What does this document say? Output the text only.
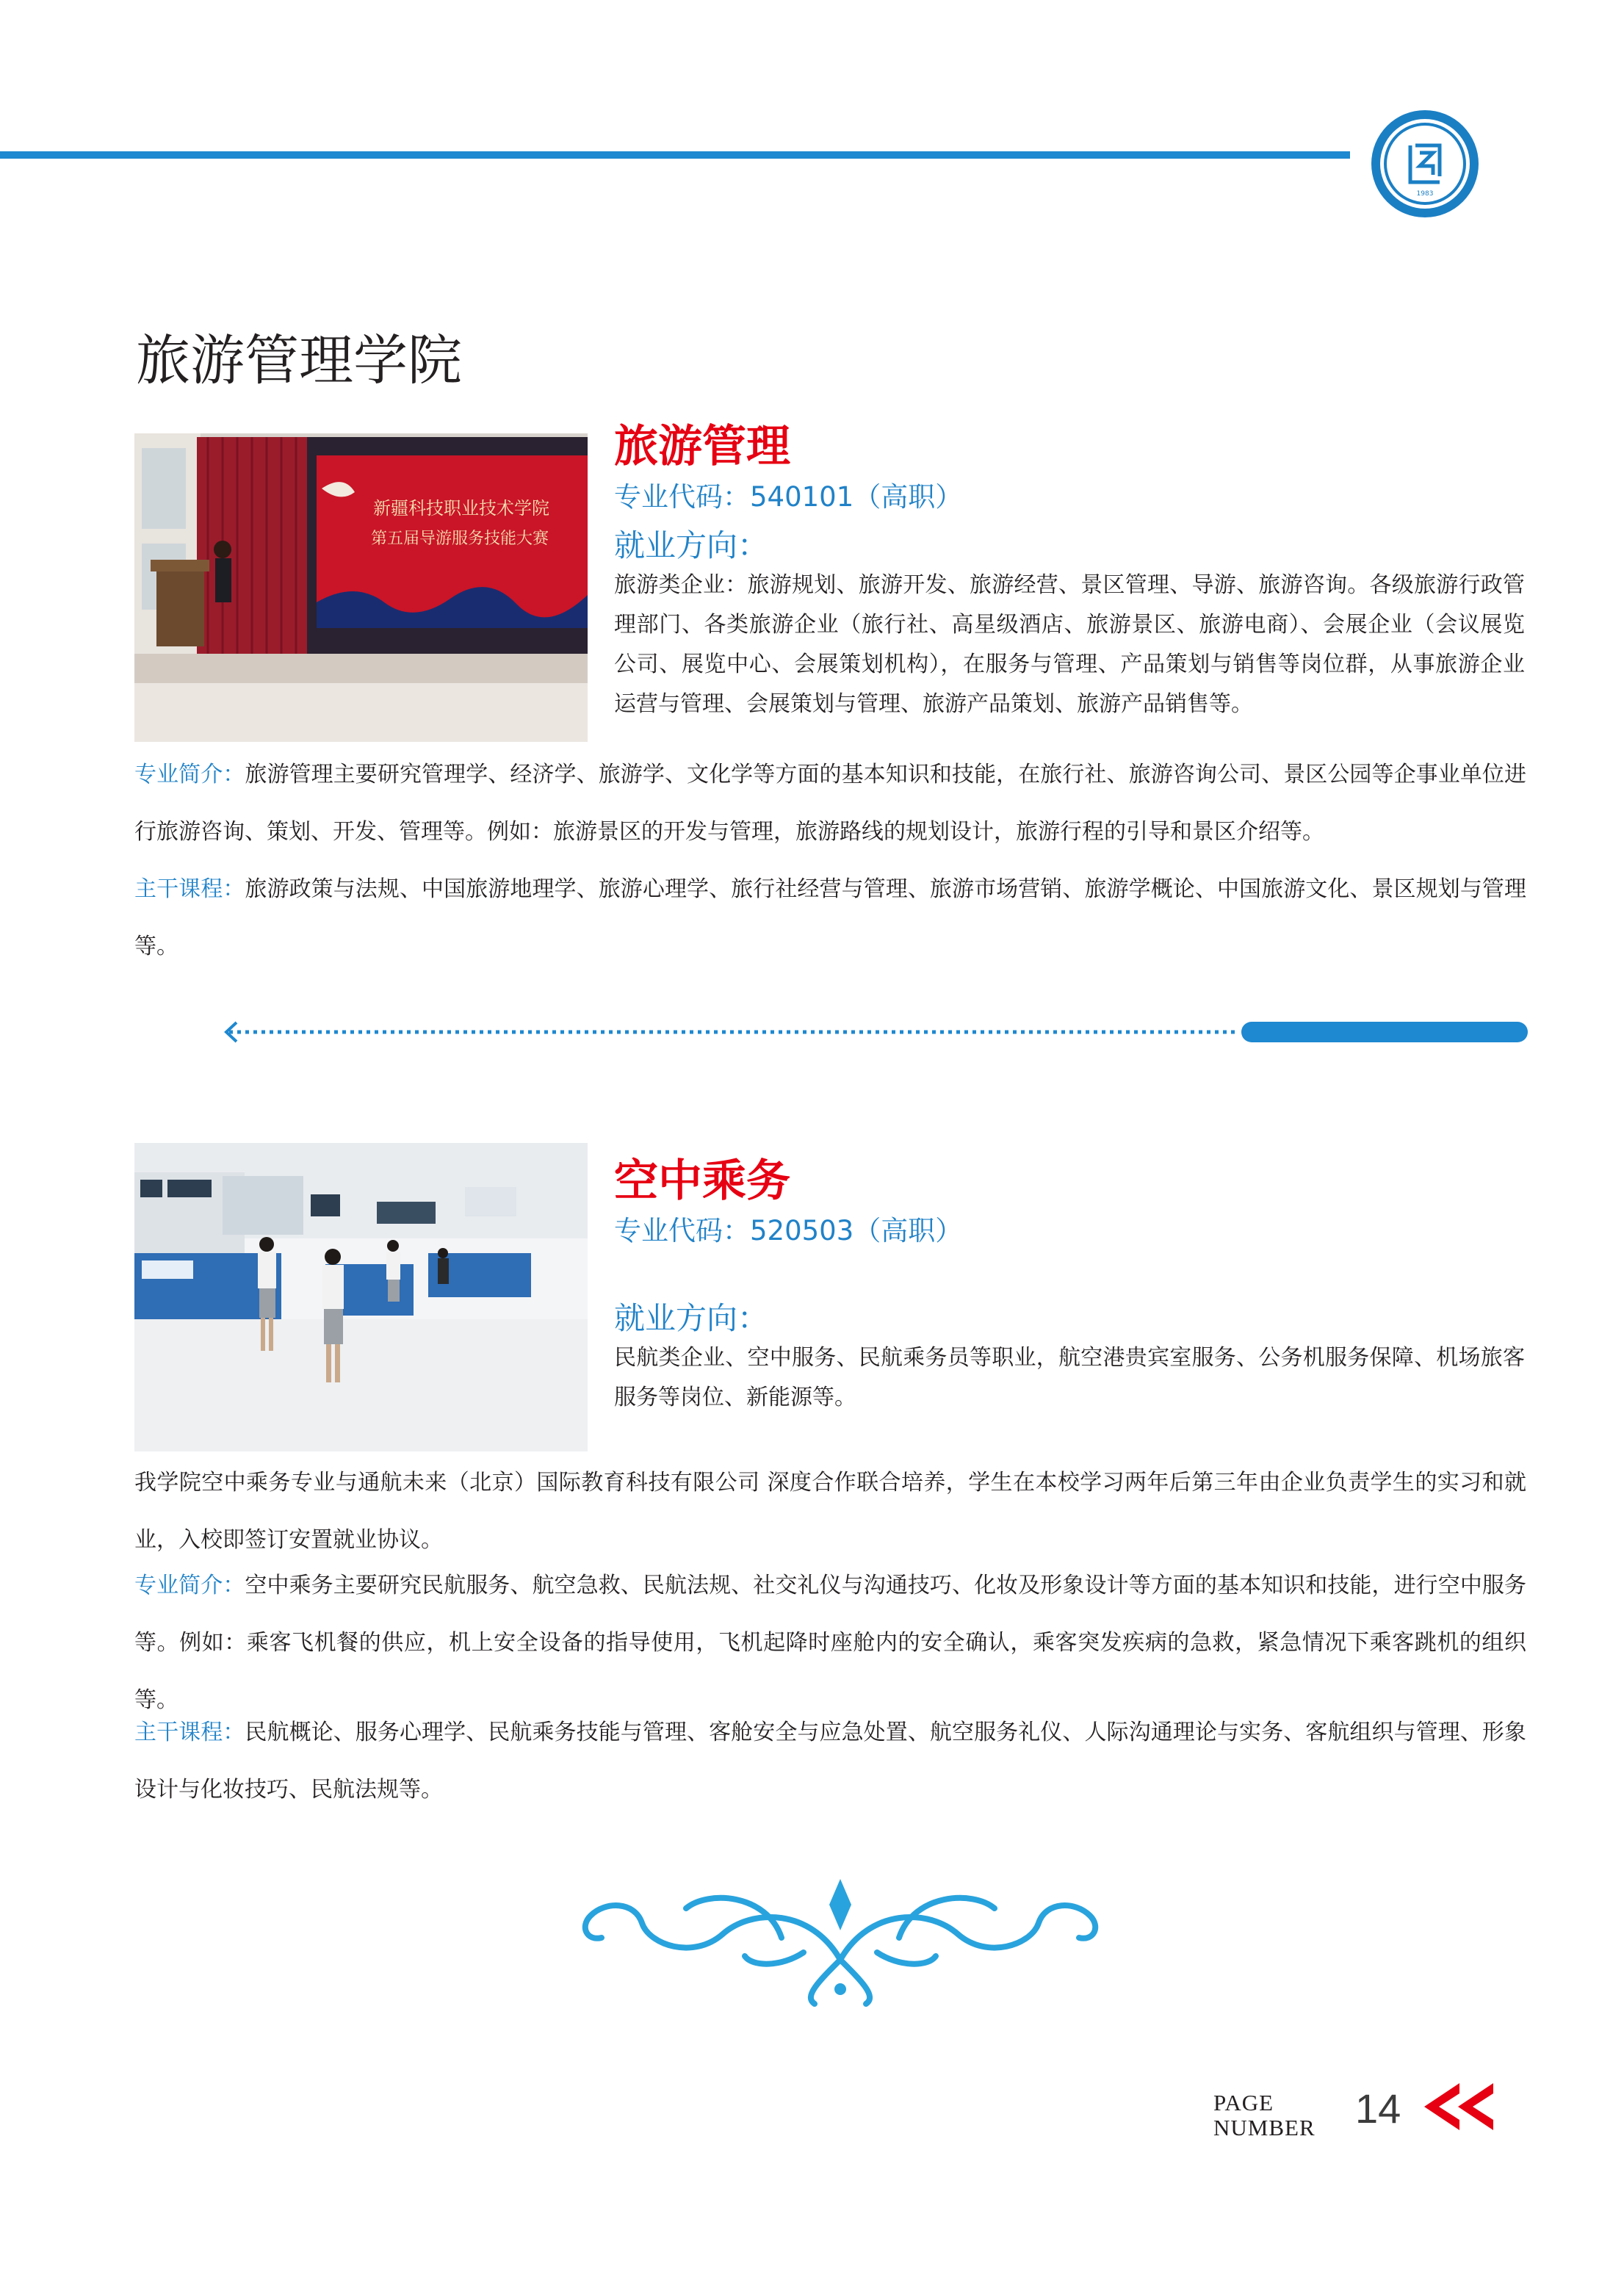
1983
旅游管理学院
新疆科技职业技术学院
第五届导游服务技能大赛
旅游管理
专业代码：540101（高职）
就业方向：
旅游类企业：旅游规划、旅游开发、旅游经营、景区管理、导游、旅游咨询。各级旅游行政管理部门、各类旅游企业（旅行社、高星级酒店、旅游景区、旅游电商）、会展企业（会议展览公司、展览中心、会展策划机构），在服务与管理、产品策划与销售等岗位群，从事旅游企业运营与管理、会展策划与管理、旅游产品策划、旅游产品销售等。
专业简介：旅游管理主要研究管理学、经济学、旅游学、文化学等方面的基本知识和技能，在旅行社、旅游咨询公司、景区公园等企事业单位进行旅游咨询、策划、开发、管理等。例如：旅游景区的开发与管理，旅游路线的规划设计，旅游行程的引导和景区介绍等。
主干课程：旅游政策与法规、中国旅游地理学、旅游心理学、旅行社经营与管理、旅游市场营销、旅游学概论、中国旅游文化、景区规划与管理等。
空中乘务
专业代码：520503（高职）
就业方向：
民航类企业、空中服务、民航乘务员等职业，航空港贵宾室服务、公务机服务保障、机场旅客服务等岗位、新能源等。
我学院空中乘务专业与通航未来（北京）国际教育科技有限公司 深度合作联合培养，学生在本校学习两年后第三年由企业负责学生的实习和就业，入校即签订安置就业协议。
专业简介：空中乘务主要研究民航服务、航空急救、民航法规、社交礼仪与沟通技巧、化妆及形象设计等方面的基本知识和技能，进行空中服务等。例如：乘客飞机餐的供应，机上安全设备的指导使用，飞机起降时座舱内的安全确认，乘客突发疾病的急救，紧急情况下乘客跳机的组织等。
主干课程：民航概论、服务心理学、民航乘务技能与管理、客舱安全与应急处置、航空服务礼仪、人际沟通理论与实务、客航组织与管理、形象设计与化妆技巧、民航法规等。
PAGE
NUMBER 14
